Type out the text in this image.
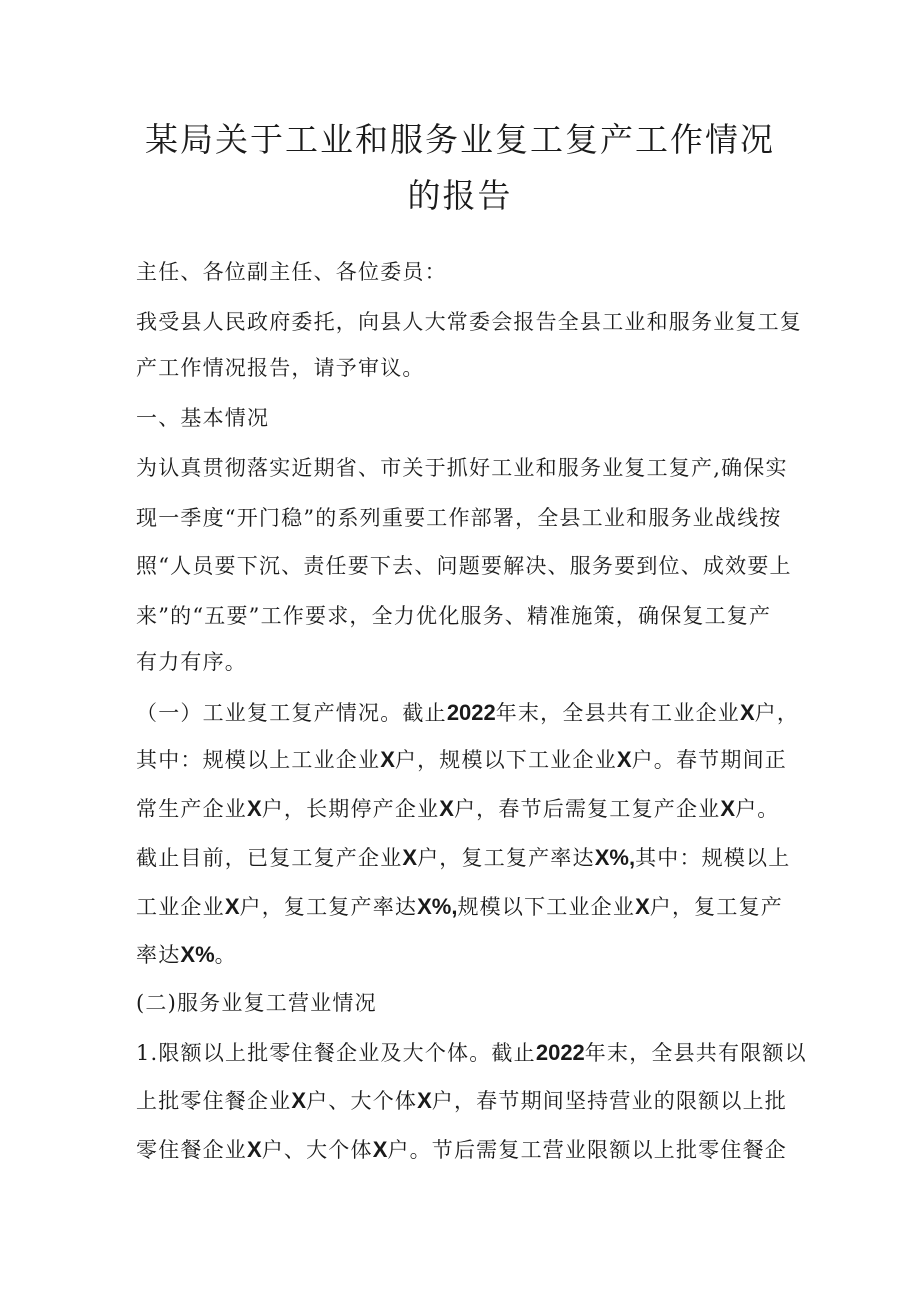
某局关于工业和服务业复工复产工作情况
的报告
主任、各位副主任、各位委员：
我受县人民政府委托，向县人大常委会报告全县工业和服务业复工复
产工作情况报告，请予审议。
一、基本情况
为认真贯彻落实近期省、市关于抓好工业和服务业复工复产,确保实
现一季度“开门稳”的系列重要工作部署，全县工业和服务业战线按
照“人员要下沉、责任要下去、问题要解决、服务要到位、成效要上
来”的“五要”工作要求，全力优化服务、精准施策，确保复工复产
有力有序。
（一）工业复工复产情况。截止2022年末，全县共有工业企业X户，
其中：规模以上工业企业X户，规模以下工业企业X户。春节期间正
常生产企业X户，长期停产企业X户，春节后需复工复产企业X户。
截止目前，已复工复产企业X户，复工复产率达X%,其中：规模以上
工业企业X户，复工复产率达X%,规模以下工业企业X户，复工复产
率达X%。
(二)服务业复工营业情况
1.限额以上批零住餐企业及大个体。截止2022年末，全县共有限额以
上批零住餐企业X户、大个体X户，春节期间坚持营业的限额以上批
零住餐企业X户、大个体X户。节后需复工营业限额以上批零住餐企
